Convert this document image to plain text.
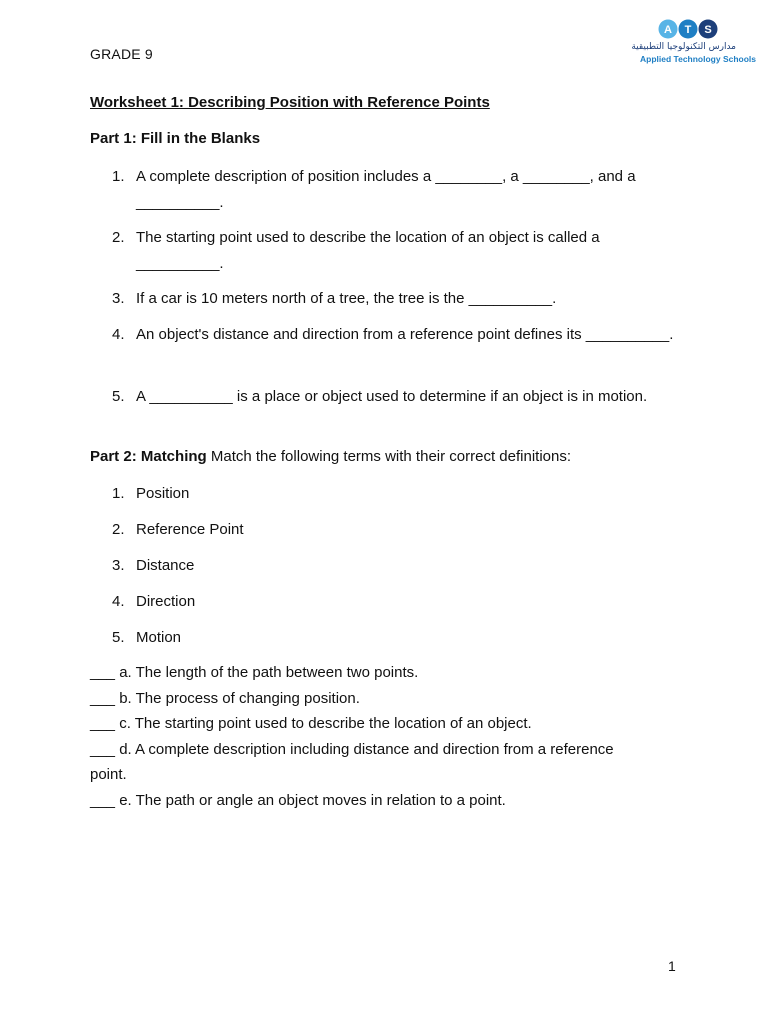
GRADE 9
A T S
مدارس التكنولوجيا التطبيقية
Applied Technology Schools
Worksheet 1: Describing Position with Reference Points
Part 1: Fill in the Blanks
1. A complete description of position includes a ________, a ________, and a __________.
2. The starting point used to describe the location of an object is called a __________.
3. If a car is 10 meters north of a tree, the tree is the __________.
4. An object's distance and direction from a reference point defines its __________.
5. A __________ is a place or object used to determine if an object is in motion.
Part 2: Matching Match the following terms with their correct definitions:
1. Position
2. Reference Point
3. Distance
4. Direction
5. Motion
___ a. The length of the path between two points.
___ b. The process of changing position.
___ c. The starting point used to describe the location of an object.
___ d. A complete description including distance and direction from a reference point.
___ e. The path or angle an object moves in relation to a point.
1
